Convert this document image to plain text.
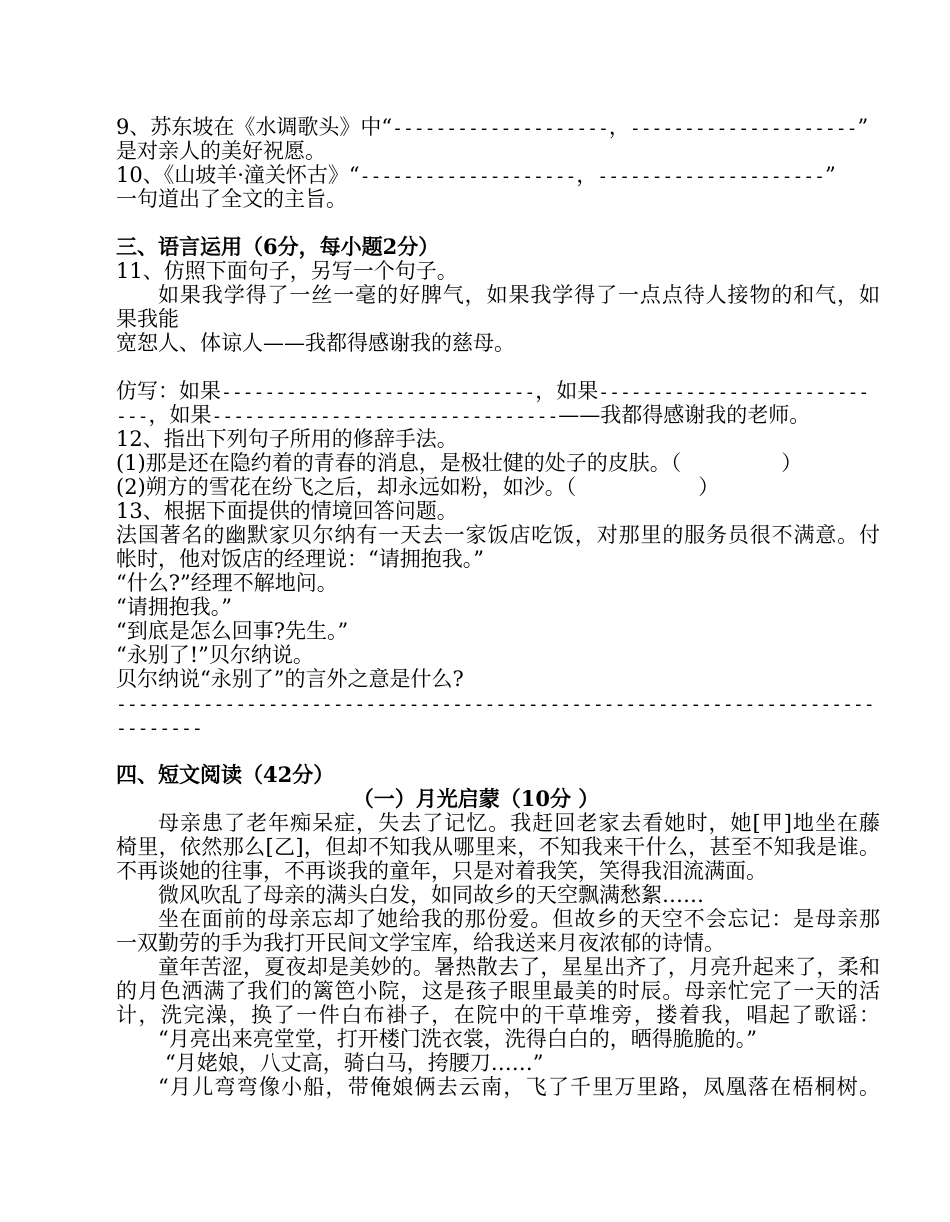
9、苏东坡在《水调歌头》中“--------------------，---------------------”
是对亲人的美好祝愿。
10、《山坡羊·潼关怀古》“--------------------，---------------------”
一句道出了全文的主旨。
三、语言运用（6分，每小题2分）
11、仿照下面句子，另写一个句子。
如果我学得了一丝一毫的好脾气，如果我学得了一点点待人接物的和气，如
果我能
宽恕人、体谅人——我都得感谢我的慈母。
仿写：如果-----------------------------，如果-------------------------
---，如果--------------------------------——我都得感谢我的老师。
12、指出下列句子所用的修辞手法。
(1)那是还在隐约着的青春的消息，是极壮健的处子的皮肤。（	）
(2)朔方的雪花在纷飞之后，却永远如粉，如沙。（	）
13、根据下面提供的情境回答问题。
法国著名的幽默家贝尔纳有一天去一家饭店吃饭，对那里的服务员很不满意。付
帐时，他对饭店的经理说：“请拥抱我。”
“什么?”经理不解地问。
“请拥抱我。”
“到底是怎么回事?先生。”
“永别了!”贝尔纳说。
贝尔纳说“永别了”的言外之意是什么?
----------------------------------------------------------------------
--------
四、短文阅读（42分）
（一）月光启蒙（10分 ）
母亲患了老年痴呆症，失去了记忆。我赶回老家去看她时，她[甲]地坐在藤
椅里，依然那么[乙]，但却不知我从哪里来，不知我来干什么，甚至不知我是谁。
不再谈她的往事，不再谈我的童年，只是对着我笑，笑得我泪流满面。
微风吹乱了母亲的满头白发，如同故乡的天空飘满愁絮……
坐在面前的母亲忘却了她给我的那份爱。但故乡的天空不会忘记：是母亲那
一双勤劳的手为我打开民间文学宝库，给我送来月夜浓郁的诗情。
童年苦涩，夏夜却是美妙的。暑热散去了，星星出齐了，月亮升起来了，柔和
的月色洒满了我们的篱笆小院，这是孩子眼里最美的时辰。母亲忙完了一天的活
计，洗完澡，换了一件白布褂子，在院中的干草堆旁，搂着我，唱起了歌谣：
“月亮出来亮堂堂，打开楼门洗衣裳，洗得白白的，晒得脆脆的。”
“月姥娘，八丈高，骑白马，挎腰刀……”
“月儿弯弯像小船，带俺娘俩去云南，飞了千里万里路，凤凰落在梧桐树。
